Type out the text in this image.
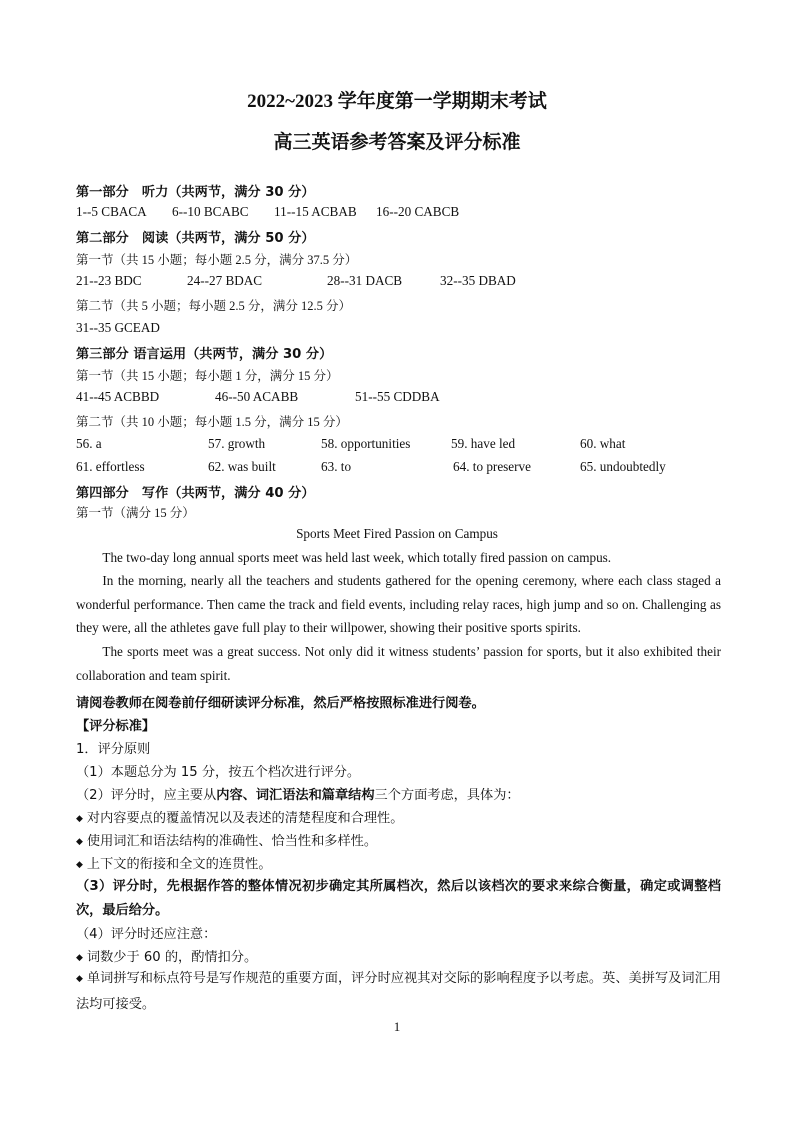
2022~2023 学年度第一学期期末考试
高三英语参考答案及评分标准
第一部分　听力（共两节，满分 30 分）
1--5 CBACA 6--10 BCABC 11--15 ACBAB 16--20 CABCB
第二部分　阅读（共两节，满分 50 分）
第一节（共 15 小题；每小题 2.5 分，满分 37.5 分）
21--23 BDC	24--27 BDAC	28--31 DACB	32--35 DBAD
第二节（共 5 小题；每小题 2.5 分，满分 12.5 分）
31--35 GCEAD
第三部分 语言运用（共两节，满分 30 分）
第一节（共 15 小题；每小题 1 分，满分 15 分）
41--45 ACBBD	46--50 ACABB	51--55 CDDBA
第二节（共 10 小题；每小题 1.5 分，满分 15 分）
56. a	57. growth	58. opportunities	59. have led	60. what
61. effortless	62. was built	63. to	64. to preserve	65. undoubtedly
第四部分　写作（共两节，满分 40 分）
第一节（满分 15 分）
Sports Meet Fired Passion on Campus
The two-day long annual sports meet was held last week, which totally fired passion on campus.
In the morning, nearly all the teachers and students gathered for the opening ceremony, where each class staged a wonderful performance. Then came the track and field events, including relay races, high jump and so on. Challenging as they were, all the athletes gave full play to their willpower, showing their positive sports spirits.
The sports meet was a great success. Not only did it witness students’ passion for sports, but it also exhibited their collaboration and team spirit.
请阅卷教师在阅卷前仔细研读评分标准，然后严格按照标准进行阅卷。
【评分标准】
1．评分原则
（1）本题总分为 15 分，按五个档次进行评分。
（2）评分时，应主要从内容、词汇语法和篇章结构三个方面考虑，具体为：
◆ 对内容要点的覆盖情况以及表述的清楚程度和合理性。
◆ 使用词汇和语法结构的准确性、恰当性和多样性。
◆ 上下文的衔接和全文的连贯性。
（3）评分时，先根据作答的整体情况初步确定其所属档次，然后以该档次的要求来综合衡量，确定或调整档次，最后给分。
（4）评分时还应注意：
◆ 词数少于 60 的，酌情扣分。
◆ 单词拼写和标点符号是写作规范的重要方面，评分时应视其对交际的影响程度予以考虑。英、美拼写及词汇用法均可接受。
1
